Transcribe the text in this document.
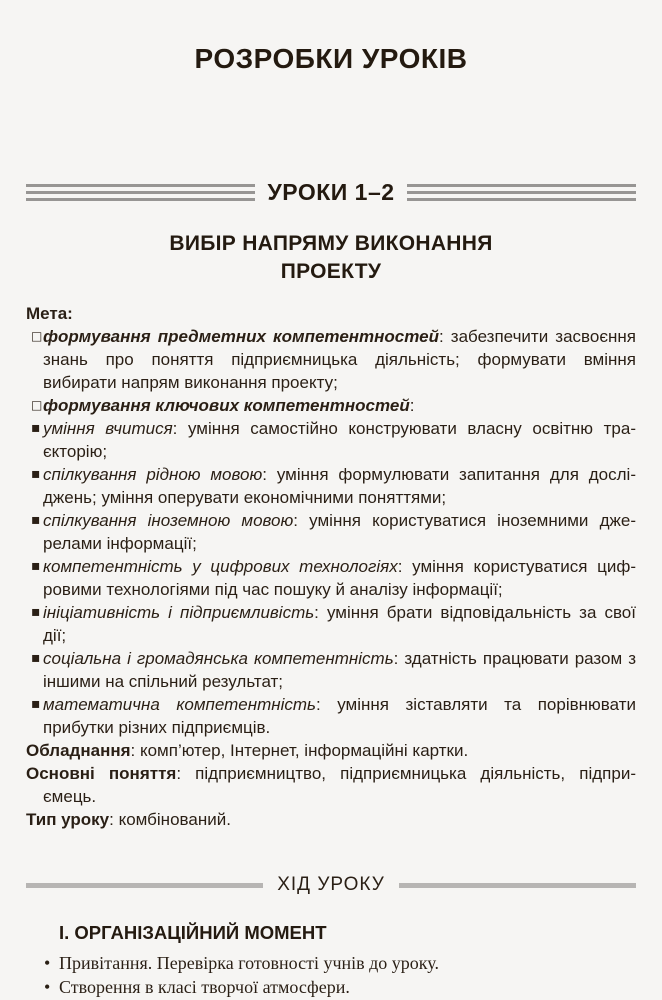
РОЗРОБКИ УРОКІВ
УРОКИ 1–2
ВИБІР НАПРЯМУ ВИКОНАННЯ
ПРОЕКТУ

Мета:

□ формування предметних компетентностей: забезпечити засвоєння знань про поняття підприємницька діяльність; формувати вміння вибирати напрям виконання проекту;
□ формування ключових компетентностей:
▪ уміння вчитися: уміння самостійно конструювати власну освітню траєкторію;
▪ спілкування рідною мовою: уміння формулювати запитання для досліджень; уміння оперувати економічними поняттями;
▪ спілкування іноземною мовою: уміння користуватися іноземними джерелами інформації;
▪ компетентність у цифрових технологіях: уміння користуватися цифровими технологіями під час пошуку й аналізу інформації;
▪ ініціативність і підприємливість: уміння брати відповідальність за свої дії;
▪ соціальна і громадянська компетентність: здатність працювати разом з іншими на спільний результат;
▪ математична компетентність: уміння зіставляти та порівнювати прибутки різних підприємців.

Обладнання: комп’ютер, Інтернет, інформаційні картки.

Основні поняття: підприємництво, підприємницька діяльність, підприємець.

Тип уроку: комбінований.

ХІД УРОКУ
І. ОРГАНІЗАЦІЙНИЙ МОМЕНТ
• Привітання. Перевірка готовності учнів до уроку.
• Створення в класі творчої атмосфери.
